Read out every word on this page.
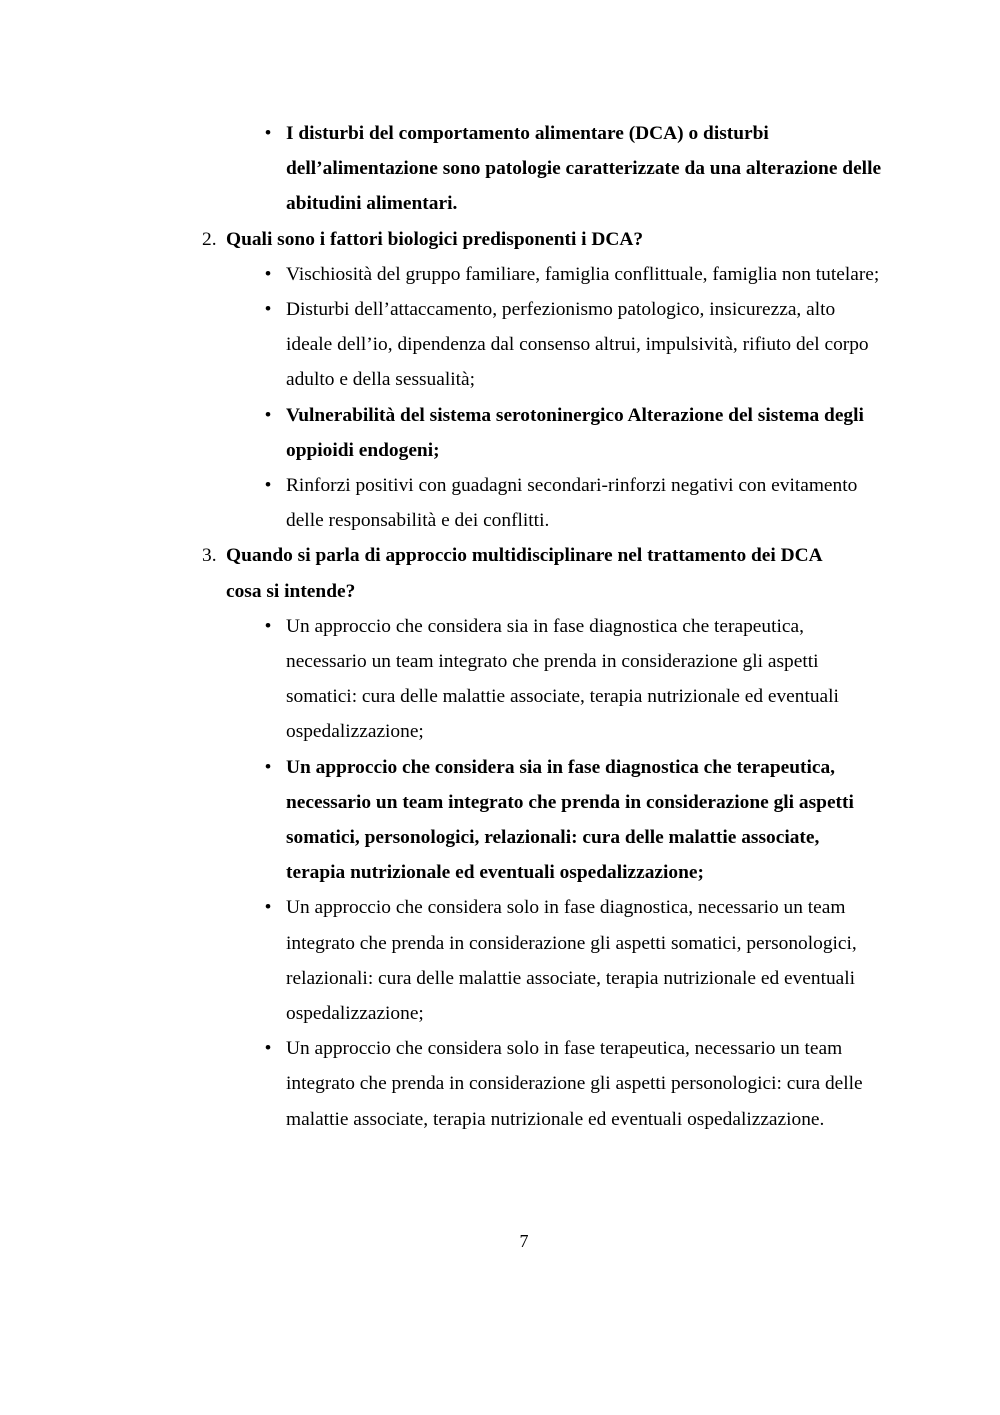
• I disturbi del comportamento alimentare (DCA) o disturbi dell’alimentazione sono patologie caratterizzate da una alterazione delle abitudini alimentari.
2. Quali sono i fattori biologici predisponenti i DCA?
• Vischiosità del gruppo familiare, famiglia conflittuale, famiglia non tutelare;
• Disturbi dell’attaccamento, perfezionismo patologico, insicurezza, alto ideale dell’io, dipendenza dal consenso altrui, impulsività, rifiuto del corpo adulto e della sessualità;
• Vulnerabilità del sistema serotoninergico Alterazione del sistema degli oppioidi endogeni;
• Rinforzi positivi con guadagni secondari-rinforzi negativi con evitamento delle responsabilità e dei conflitti.
3. Quando si parla di approccio multidisciplinare nel trattamento dei DCA cosa si intende?
• Un approccio che considera sia in fase diagnostica che terapeutica, necessario un team integrato che prenda in considerazione gli aspetti somatici: cura delle malattie associate, terapia nutrizionale ed eventuali ospedalizzazione;
• Un approccio che considera sia in fase diagnostica che terapeutica, necessario un team integrato che prenda in considerazione gli aspetti somatici, personologici, relazionali: cura delle malattie associate, terapia nutrizionale ed eventuali ospedalizzazione;
• Un approccio che considera solo in fase diagnostica, necessario un team integrato che prenda in considerazione gli aspetti somatici, personologici, relazionali: cura delle malattie associate, terapia nutrizionale ed eventuali ospedalizzazione;
• Un approccio che considera solo in fase terapeutica, necessario un team integrato che prenda in considerazione gli aspetti personologici: cura delle malattie associate, terapia nutrizionale ed eventuali ospedalizzazione.
7
